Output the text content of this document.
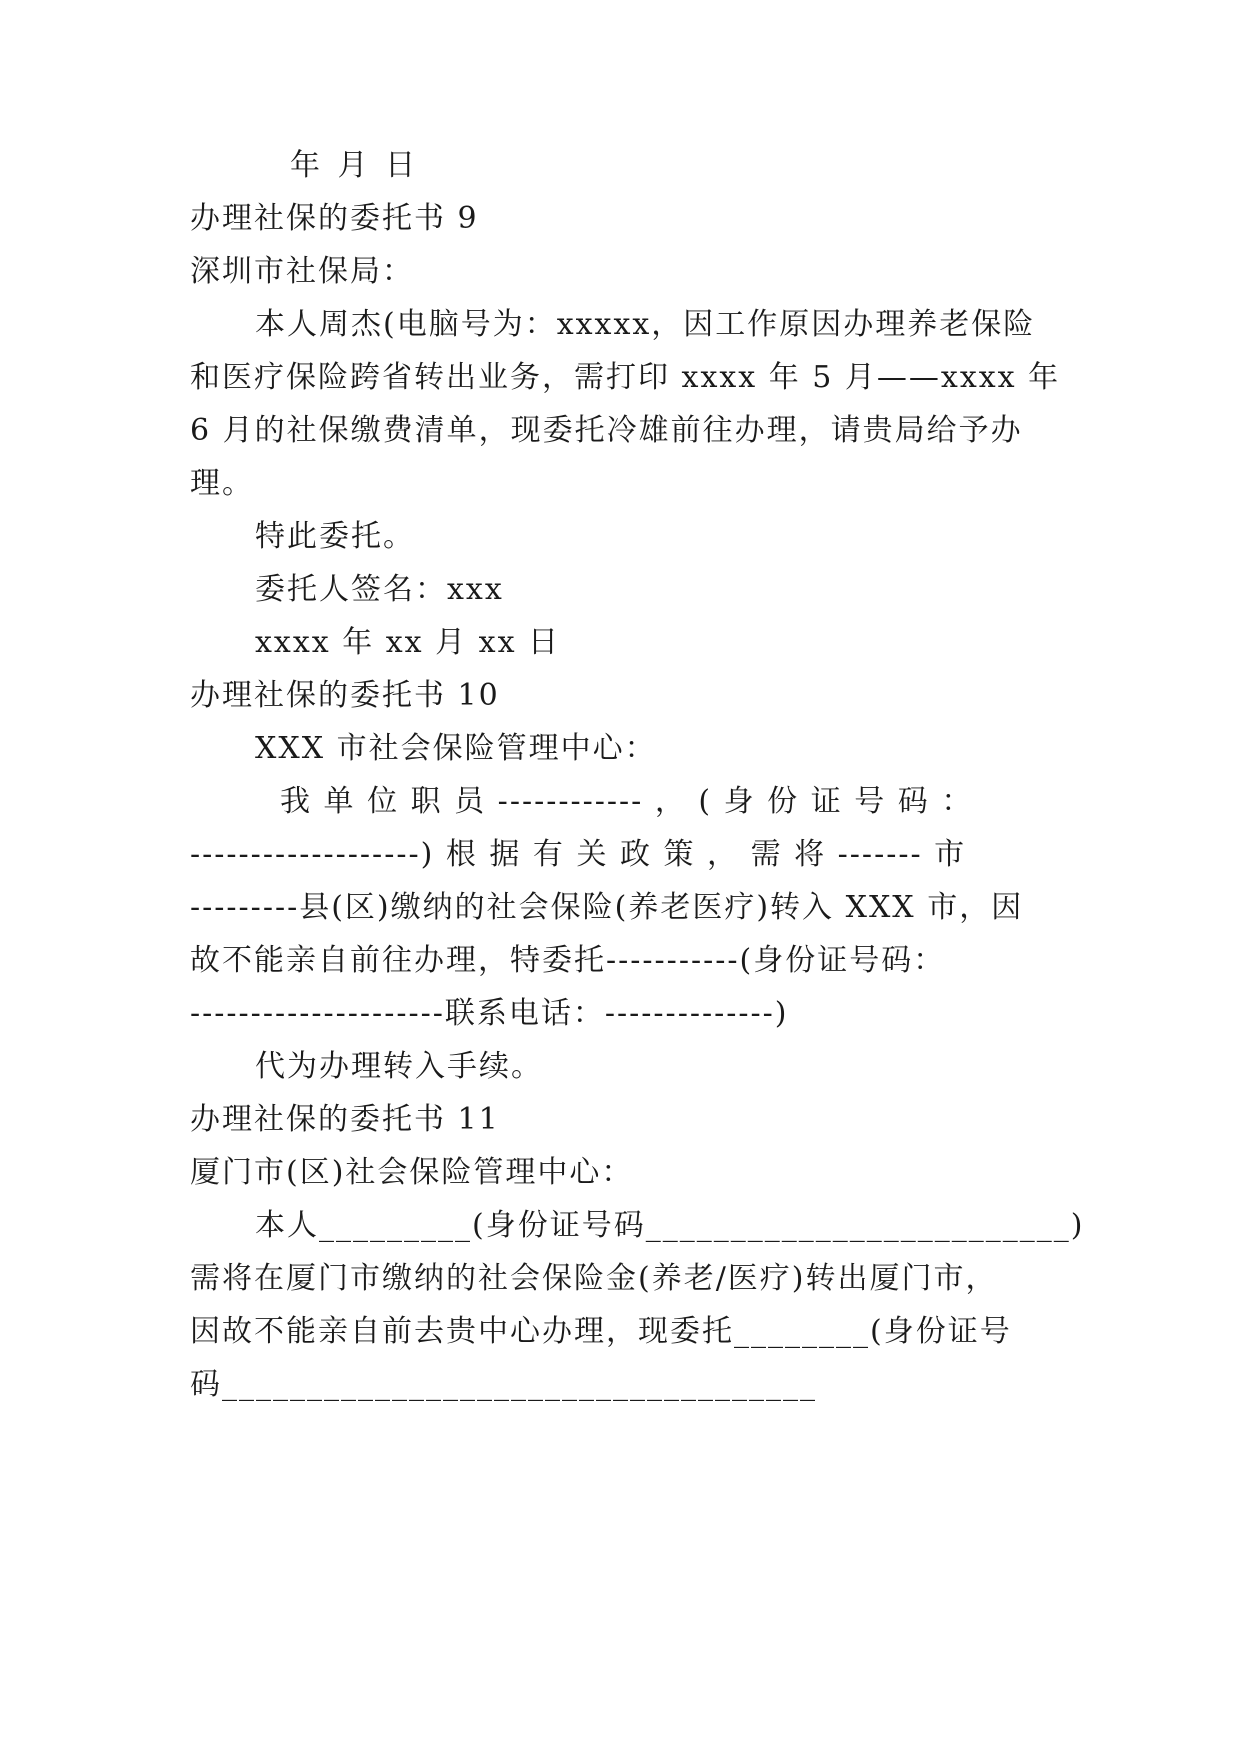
年 月 日
办理社保的委托书 9
深圳市社保局：
本人周杰(电脑号为：xxxxx，因工作原因办理养老保险
和医疗保险跨省转出业务，需打印 xxxx 年 5 月——xxxx 年
6 月的社保缴费清单，现委托冷雄前往办理，请贵局给予办
理。
特此委托。
委托人签名：xxx
xxxx 年 xx 月 xx 日
办理社保的委托书 10
XXX 市社会保险管理中心：
我 单 位 职 员 ------------ ， ( 身 份 证 号 码 ：
-------------------) 根 据 有 关 政 策 ， 需 将 ------- 市
---------县(区)缴纳的社会保险(养老医疗)转入 XXX 市，因
故不能亲自前往办理，特委托-----------(身份证号码：
---------------------联系电话：--------------)
代为办理转入手续。
办理社保的委托书 11
厦门市(区)社会保险管理中心：
本人_________(身份证号码_________________________)
需将在厦门市缴纳的社会保险金(养老/医疗)转出厦门市，
因故不能亲自前去贵中心办理，现委托________(身份证号
码___________________________________
